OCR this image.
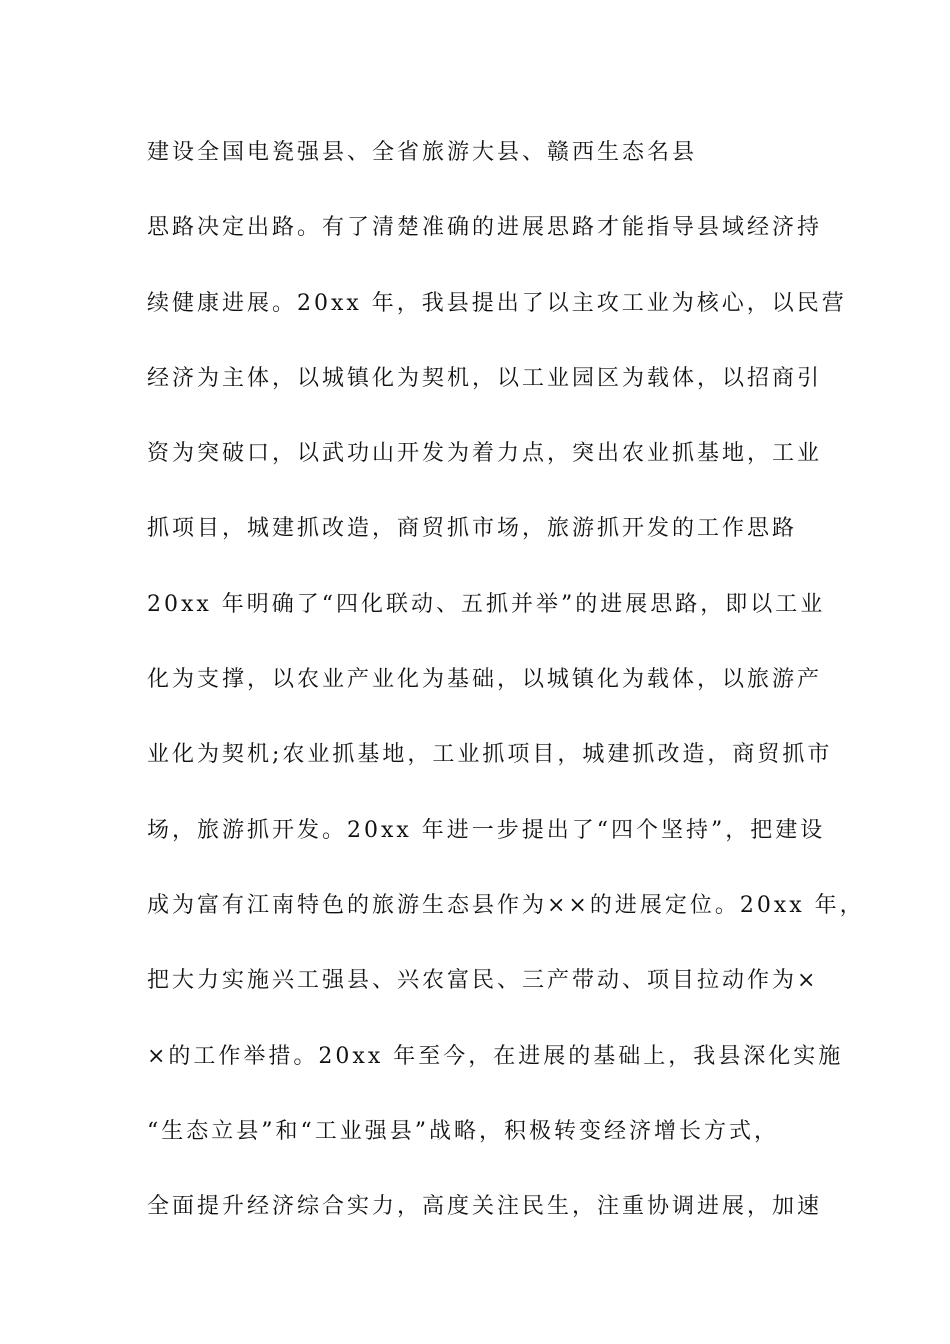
建设全国电瓷强县、全省旅游大县、赣西生态名县
思路决定出路。有了清楚准确的进展思路才能指导县域经济持
续健康进展。20xx 年，我县提出了以主攻工业为核心，以民营
经济为主体，以城镇化为契机，以工业园区为载体，以招商引
资为突破口，以武功山开发为着力点，突出农业抓基地，工业
抓项目，城建抓改造，商贸抓市场，旅游抓开发的工作思路
20xx 年明确了“四化联动、五抓并举”的进展思路，即以工业
化为支撑，以农业产业化为基础，以城镇化为载体，以旅游产
业化为契机;农业抓基地，工业抓项目，城建抓改造，商贸抓市
场，旅游抓开发。20xx 年进一步提出了“四个坚持”，把建设
成为富有江南特色的旅游生态县作为××的进展定位。20xx 年，
把大力实施兴工强县、兴农富民、三产带动、项目拉动作为×
×的工作举措。20xx 年至今，在进展的基础上，我县深化实施
“生态立县”和“工业强县”战略，积极转变经济增长方式，
全面提升经济综合实力，高度关注民生，注重协调进展，加速
